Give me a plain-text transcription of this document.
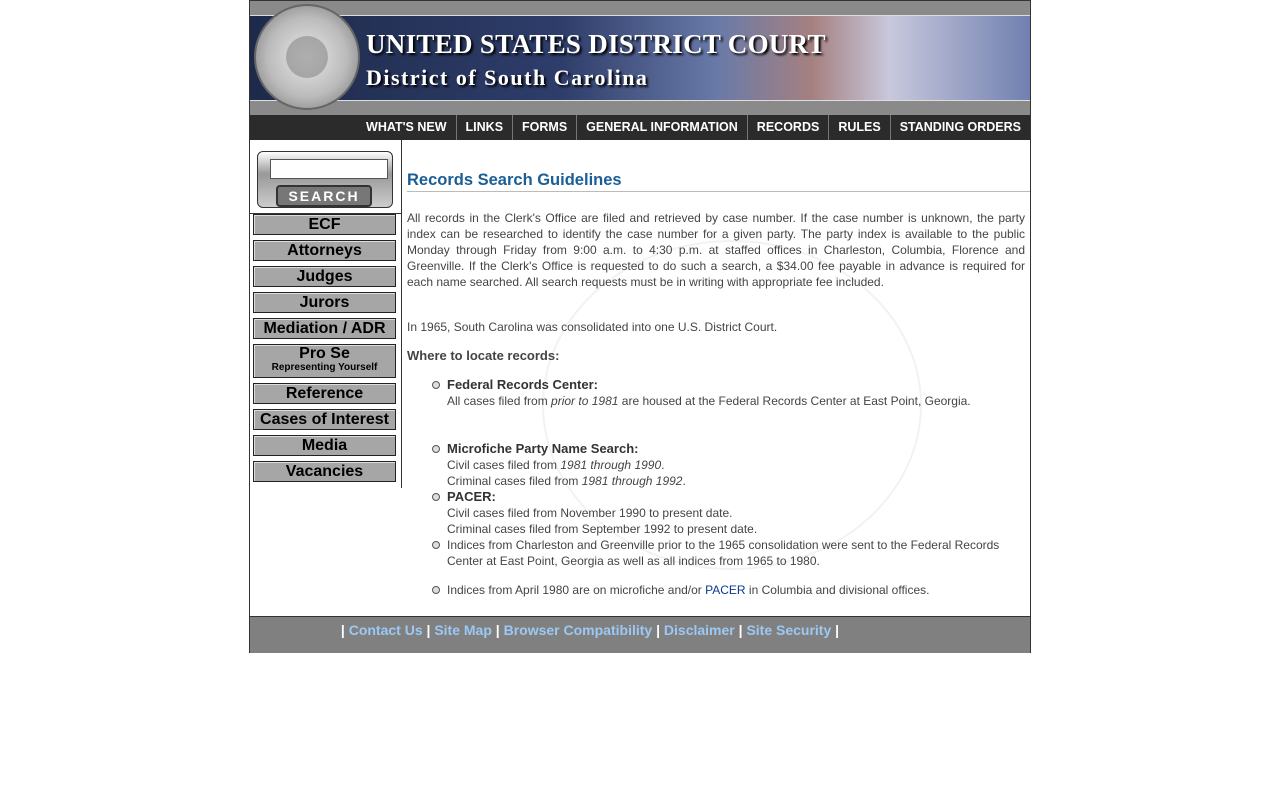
UNITED STATES DISTRICT COURT
District of South Carolina
WHAT'S NEW	LINKS	FORMS	GENERAL INFORMATION	RECORDS	RULES	STANDING ORDERS
SEARCH
ECF
Attorneys
Judges
Jurors
Mediation / ADR
Pro Se
Representing Yourself
Reference
Cases of Interest
Media
Vacancies
Records Search Guidelines
All records in the Clerk's Office are filed and retrieved by case number. If the case number is unknown, the party index can be researched to identify the case number for a given party. The party index is available to the public Monday through Friday from 9:00 a.m. to 4:30 p.m. at staffed offices in Charleston, Columbia, Florence and Greenville. If the Clerk's Office is requested to do such a search, a $34.00 fee payable in advance is required for each name searched. All search requests must be in writing with appropriate fee included.
In 1965, South Carolina was consolidated into one U.S. District Court.
Where to locate records:
Federal Records Center:
All cases filed from prior to 1981 are housed at the Federal Records Center at East Point, Georgia.
Microfiche Party Name Search:
Civil cases filed from 1981 through 1990.
Criminal cases filed from 1981 through 1992.
PACER:
Civil cases filed from November 1990 to present date.
Criminal cases filed from September 1992 to present date.
Indices from Charleston and Greenville prior to the 1965 consolidation were sent to the Federal Records Center at East Point, Georgia as well as all indices from 1965 to 1980.
Indices from April 1980 are on microfiche and/or PACER in Columbia and divisional offices.
| Contact Us | Site Map | Browser Compatibility | Disclaimer | Site Security |
